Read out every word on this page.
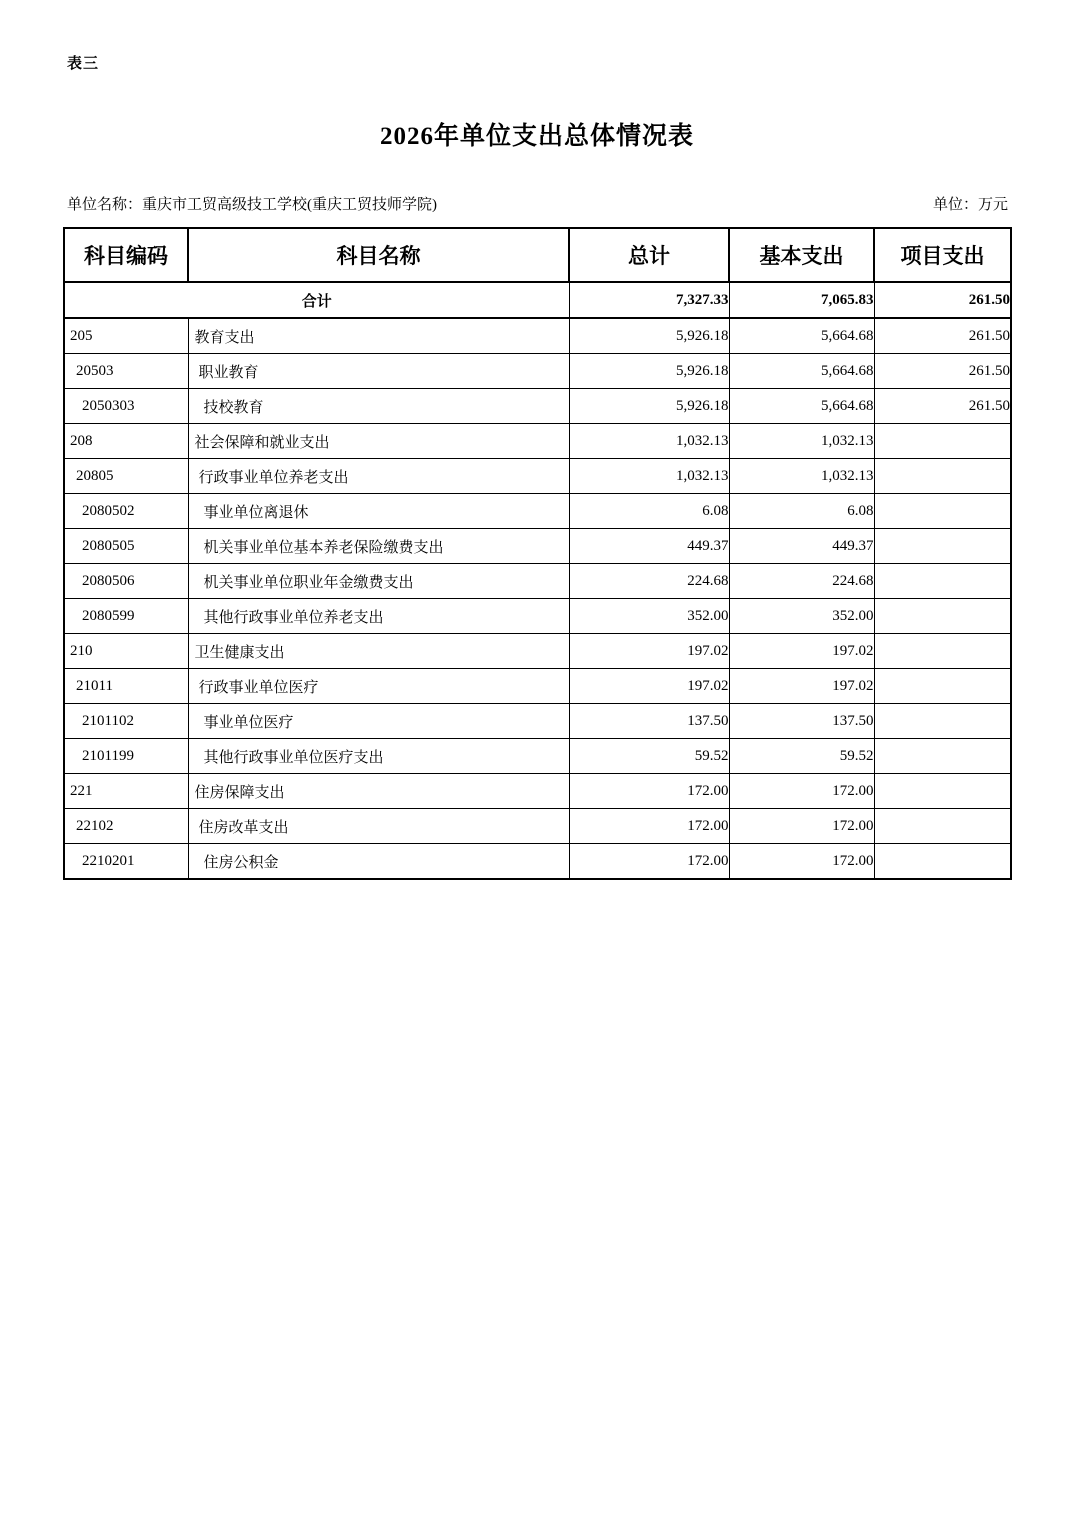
表三
2026年单位支出总体情况表
单位名称：重庆市工贸高级技工学校(重庆工贸技师学院)	单位：万元
科目编码	科目名称	总计	基本支出	项目支出
合计		7,327.33	7,065.83	261.50
205	教育支出	5,926.18	5,664.68	261.50
20503	职业教育	5,926.18	5,664.68	261.50
2050303	技校教育	5,926.18	5,664.68	261.50
208	社会保障和就业支出	1,032.13	1,032.13	
20805	行政事业单位养老支出	1,032.13	1,032.13	
2080502	事业单位离退休	6.08	6.08	
2080505	机关事业单位基本养老保险缴费支出	449.37	449.37	
2080506	机关事业单位职业年金缴费支出	224.68	224.68	
2080599	其他行政事业单位养老支出	352.00	352.00	
210	卫生健康支出	197.02	197.02	
21011	行政事业单位医疗	197.02	197.02	
2101102	事业单位医疗	137.50	137.50	
2101199	其他行政事业单位医疗支出	59.52	59.52	
221	住房保障支出	172.00	172.00	
22102	住房改革支出	172.00	172.00	
2210201	住房公积金	172.00	172.00	
